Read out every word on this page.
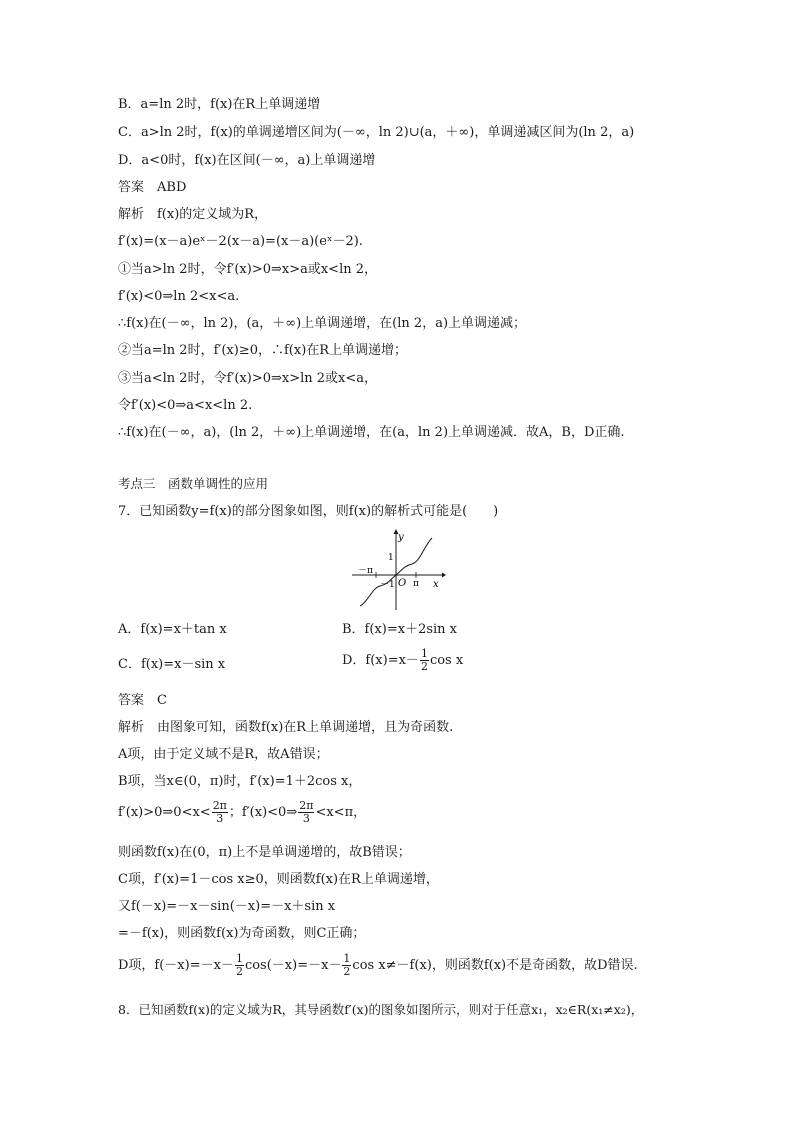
B．a=ln 2时，f(x)在R上单调递增
C．a>ln 2时，f(x)的单调递增区间为(－∞，ln 2)∪(a，＋∞)，单调递减区间为(ln 2，a)
D．a<0时，f(x)在区间(－∞，a)上单调递增
答案　ABD
解析　f(x)的定义域为R，
f′(x)=(x－a)eˣ－2(x－a)=(x－a)(eˣ－2).
①当a>ln 2时，令f′(x)>0⇒x>a或x<ln 2，
f′(x)<0⇒ln 2<x<a.
∴f(x)在(－∞，ln 2)，(a，＋∞)上单调递增，在(ln 2，a)上单调递减；
②当a=ln 2时，f′(x)≥0，∴f(x)在R上单调递增；
③当a<ln 2时，令f′(x)>0⇒x>ln 2或x<a，
令f′(x)<0⇒a<x<ln 2.
∴f(x)在(－∞，a)，(ln 2，＋∞)上单调递增，在(a，ln 2)上单调递减．故A，B，D正确.
考点三　函数单调性的应用
7．已知函数y=f(x)的部分图象如图，则f(x)的解析式可能是(　　)
y
x
O
1
－1 π
－π
A．f(x)=x＋tan x	B．f(x)=x＋2sin x
C．f(x)=x－sin x	D．$f(x)=x- \frac{1}{2}$ cos x
答案　C
解析　由图象可知，函数f(x)在R上单调递增，且为奇函数.
A项，由于定义域不是R，故A错误；
B项，当x∈(0，π)时，f′(x)=1＋2cos x，
f′(x)>0⇒0<x< $\frac{2\pi}{3}$ ；f′(x)<0⇒ $\frac{2\pi}{3} <x<\pi$，
则函数f(x)在(0，π)上不是单调递增的，故B错误；
C项，f′(x)=1－cos x≥0，则函数f(x)在R上单调递增，
又f(－x)=－x－sin(－x)=－x＋sin x
=－f(x)，则函数f(x)为奇函数，则C正确；
D项，$f(-x)=-x- \frac{1}{2} \cos(-x)=-x- \frac{1}{2}$ cos x≠－f(x)，则函数f(x)不是奇函数，故D错误.
8．已知函数f(x)的定义域为R，其导函数f′(x)的图象如图所示，则对于任意x₁，x₂∈R(x₁≠x₂)，
